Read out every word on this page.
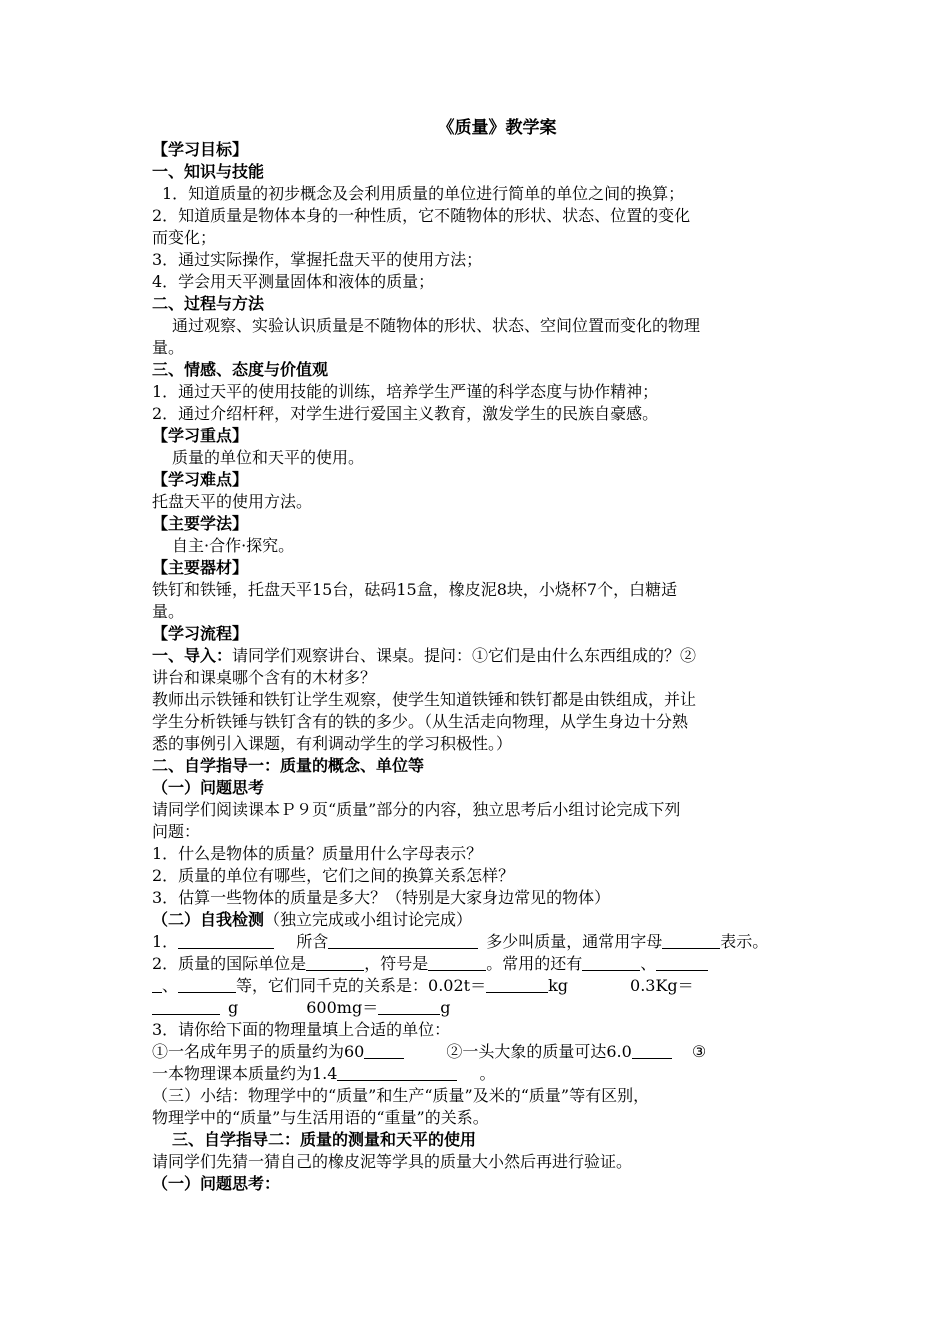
《质量》教学案
【学习目标】
一、知识与技能
1．知道质量的初步概念及会利用质量的单位进行简单的单位之间的换算；
2．知道质量是物体本身的一种性质，它不随物体的形状、状态、位置的变化
而变化；
3．通过实际操作，掌握托盘天平的使用方法；
4．学会用天平测量固体和液体的质量；
二、过程与方法
通过观察、实验认识质量是不随物体的形状、状态、空间位置而变化的物理
量。
三、情感、态度与价值观
1．通过天平的使用技能的训练，培养学生严谨的科学态度与协作精神；
2．通过介绍杆秤，对学生进行爱国主义教育，激发学生的民族自豪感。
【学习重点】
质量的单位和天平的使用。
【学习难点】
托盘天平的使用方法。
【主要学法】
自主·合作·探究。
【主要器材】
铁钉和铁锤，托盘天平15台，砝码15盒，橡皮泥8块，小烧杯7个，白糖适
量。
【学习流程】
一、导入：请同学们观察讲台、课桌。提问：①它们是由什么东西组成的？②
讲台和课桌哪个含有的木材多？
教师出示铁锤和铁钉让学生观察，使学生知道铁锤和铁钉都是由铁组成，并让
学生分析铁锤与铁钉含有的铁的多少。（从生活走向物理，从学生身边十分熟
悉的事例引入课题，有利调动学生的学习积极性。）
二、自学指导一：质量的概念、单位等
（一）问题思考
请同学们阅读课本Ｐ９页“质量”部分的内容，独立思考后小组讨论完成下列
问题：
1．什么是物体的质量？质量用什么字母表示？
2．质量的单位有哪些，它们之间的换算关系怎样？
3．估算一些物体的质量是多大？（特别是大家身边常见的物体）
（二）自我检测（独立完成或小组讨论完成）
1．	所含	多少叫质量，通常用字母	表示。
2．质量的国际单位是	，符号是	。常用的还有	、
、	等，它们同千克的关系是：0.02t＝	kg	0.3Kg＝
g	600mg＝	g
3．请你给下面的物理量填上合适的单位：
①一名成年男子的质量约为60	②一头大象的质量可达6.0	③
一本物理课本质量约为1.4	。
（三）小结：物理学中的“质量”和生产“质量”及米的“质量”等有区别，
物理学中的“质量”与生活用语的“重量”的关系。
三、自学指导二：质量的测量和天平的使用
请同学们先猜一猜自己的橡皮泥等学具的质量大小然后再进行验证。
（一）问题思考：
